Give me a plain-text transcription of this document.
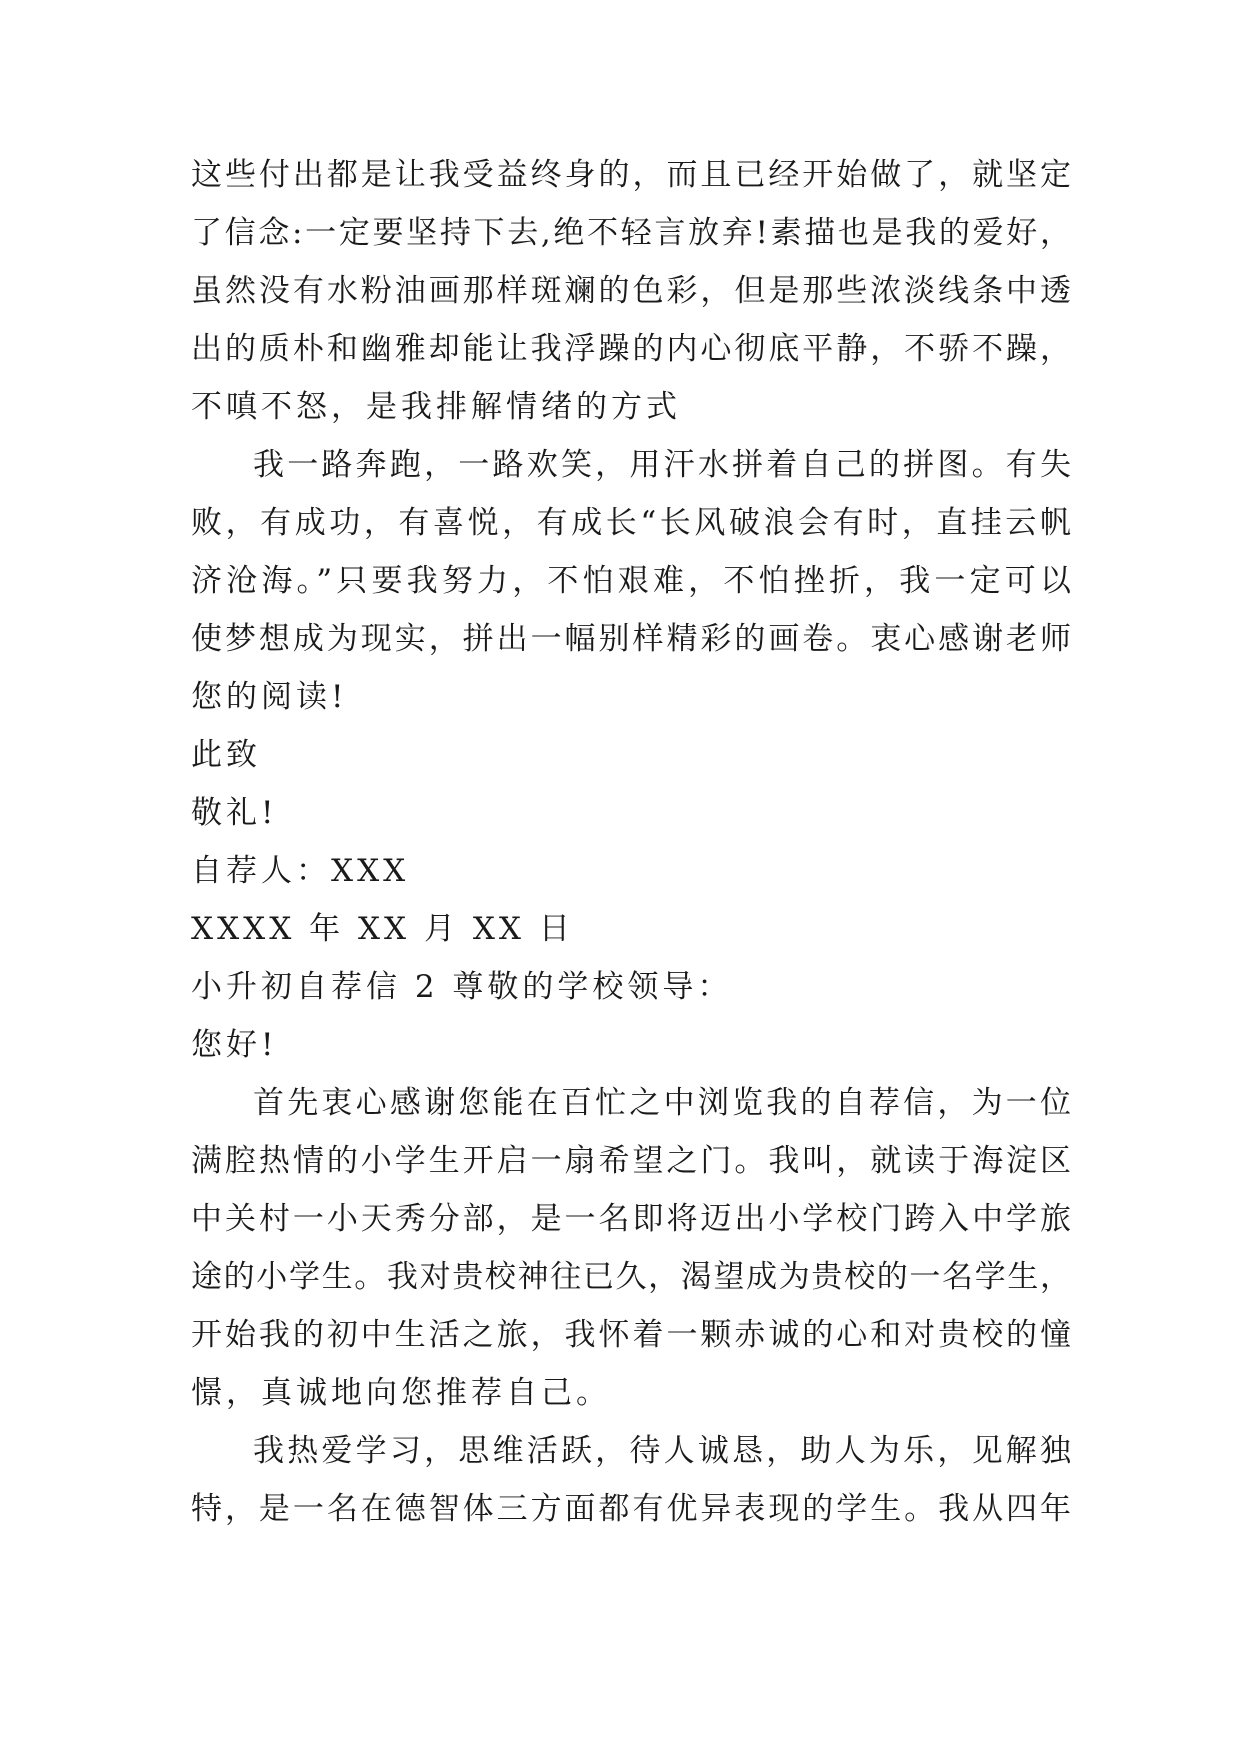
这些付出都是让我受益终身的，而且已经开始做了，就坚定
了信念:一定要坚持下去,绝不轻言放弃!素描也是我的爱好，
虽然没有水粉油画那样斑斓的色彩，但是那些浓淡线条中透
出的质朴和幽雅却能让我浮躁的内心彻底平静，不骄不躁，
不嗔不怒，是我排解情绪的方式
我一路奔跑，一路欢笑，用汗水拼着自己的拼图。有失
败，有成功，有喜悦，有成长“长风破浪会有时，直挂云帆
济沧海。”只要我努力，不怕艰难，不怕挫折，我一定可以
使梦想成为现实，拼出一幅别样精彩的画卷。衷心感谢老师
您的阅读!
此致
敬礼!
自荐人：XXX
XXXX 年 XX 月 XX 日
小升初自荐信 2 尊敬的学校领导：
您好!
首先衷心感谢您能在百忙之中浏览我的自荐信，为一位
满腔热情的小学生开启一扇希望之门。我叫，就读于海淀区
中关村一小天秀分部，是一名即将迈出小学校门跨入中学旅
途的小学生。我对贵校神往已久，渴望成为贵校的一名学生，
开始我的初中生活之旅，我怀着一颗赤诚的心和对贵校的憧
憬，真诚地向您推荐自己。
我热爱学习，思维活跃，待人诚恳，助人为乐，见解独
特，是一名在德智体三方面都有优异表现的学生。我从四年
